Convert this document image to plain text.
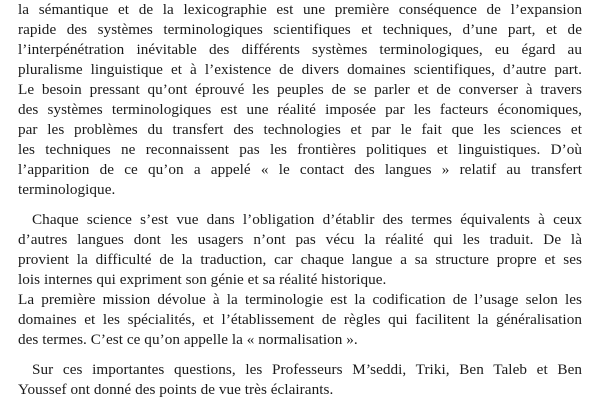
la sémantique et de la lexicographie est une première conséquence de l’expansion
rapide des systèmes terminologiques scientifiques et techniques, d’une part, et de
l’interpénétration inévitable des différents systèmes terminologiques, eu égard au
pluralisme linguistique et à l’existence de divers domaines scientifiques, d’autre part.
Le besoin pressant qu’ont éprouvé les peuples de se parler et de converser à travers
des systèmes terminologiques est une réalité imposée par les facteurs économiques,
par les problèmes du transfert des technologies et par le fait que les sciences et
les techniques ne reconnaissent pas les frontières politiques et linguistiques. D’où
l’apparition de ce qu’on a appelé « le contact des langues » relatif au transfert
terminologique.
Chaque science s’est vue dans l’obligation d’établir des termes équivalents à ceux
d’autres langues dont les usagers n’ont pas vécu la réalité qui les traduit. De là
provient la difficulté de la traduction, car chaque langue a sa structure propre et ses
lois internes qui expriment son génie et sa réalité historique.
La première mission dévolue à la terminologie est la codification de l’usage selon les
domaines et les spécialités, et l’établissement de règles qui facilitent la généralisation
des termes. C’est ce qu’on appelle la « normalisation ».
Sur ces importantes questions, les Professeurs M’seddi, Triki, Ben Taleb et Ben
Youssef ont donné des points de vue très éclairants.
